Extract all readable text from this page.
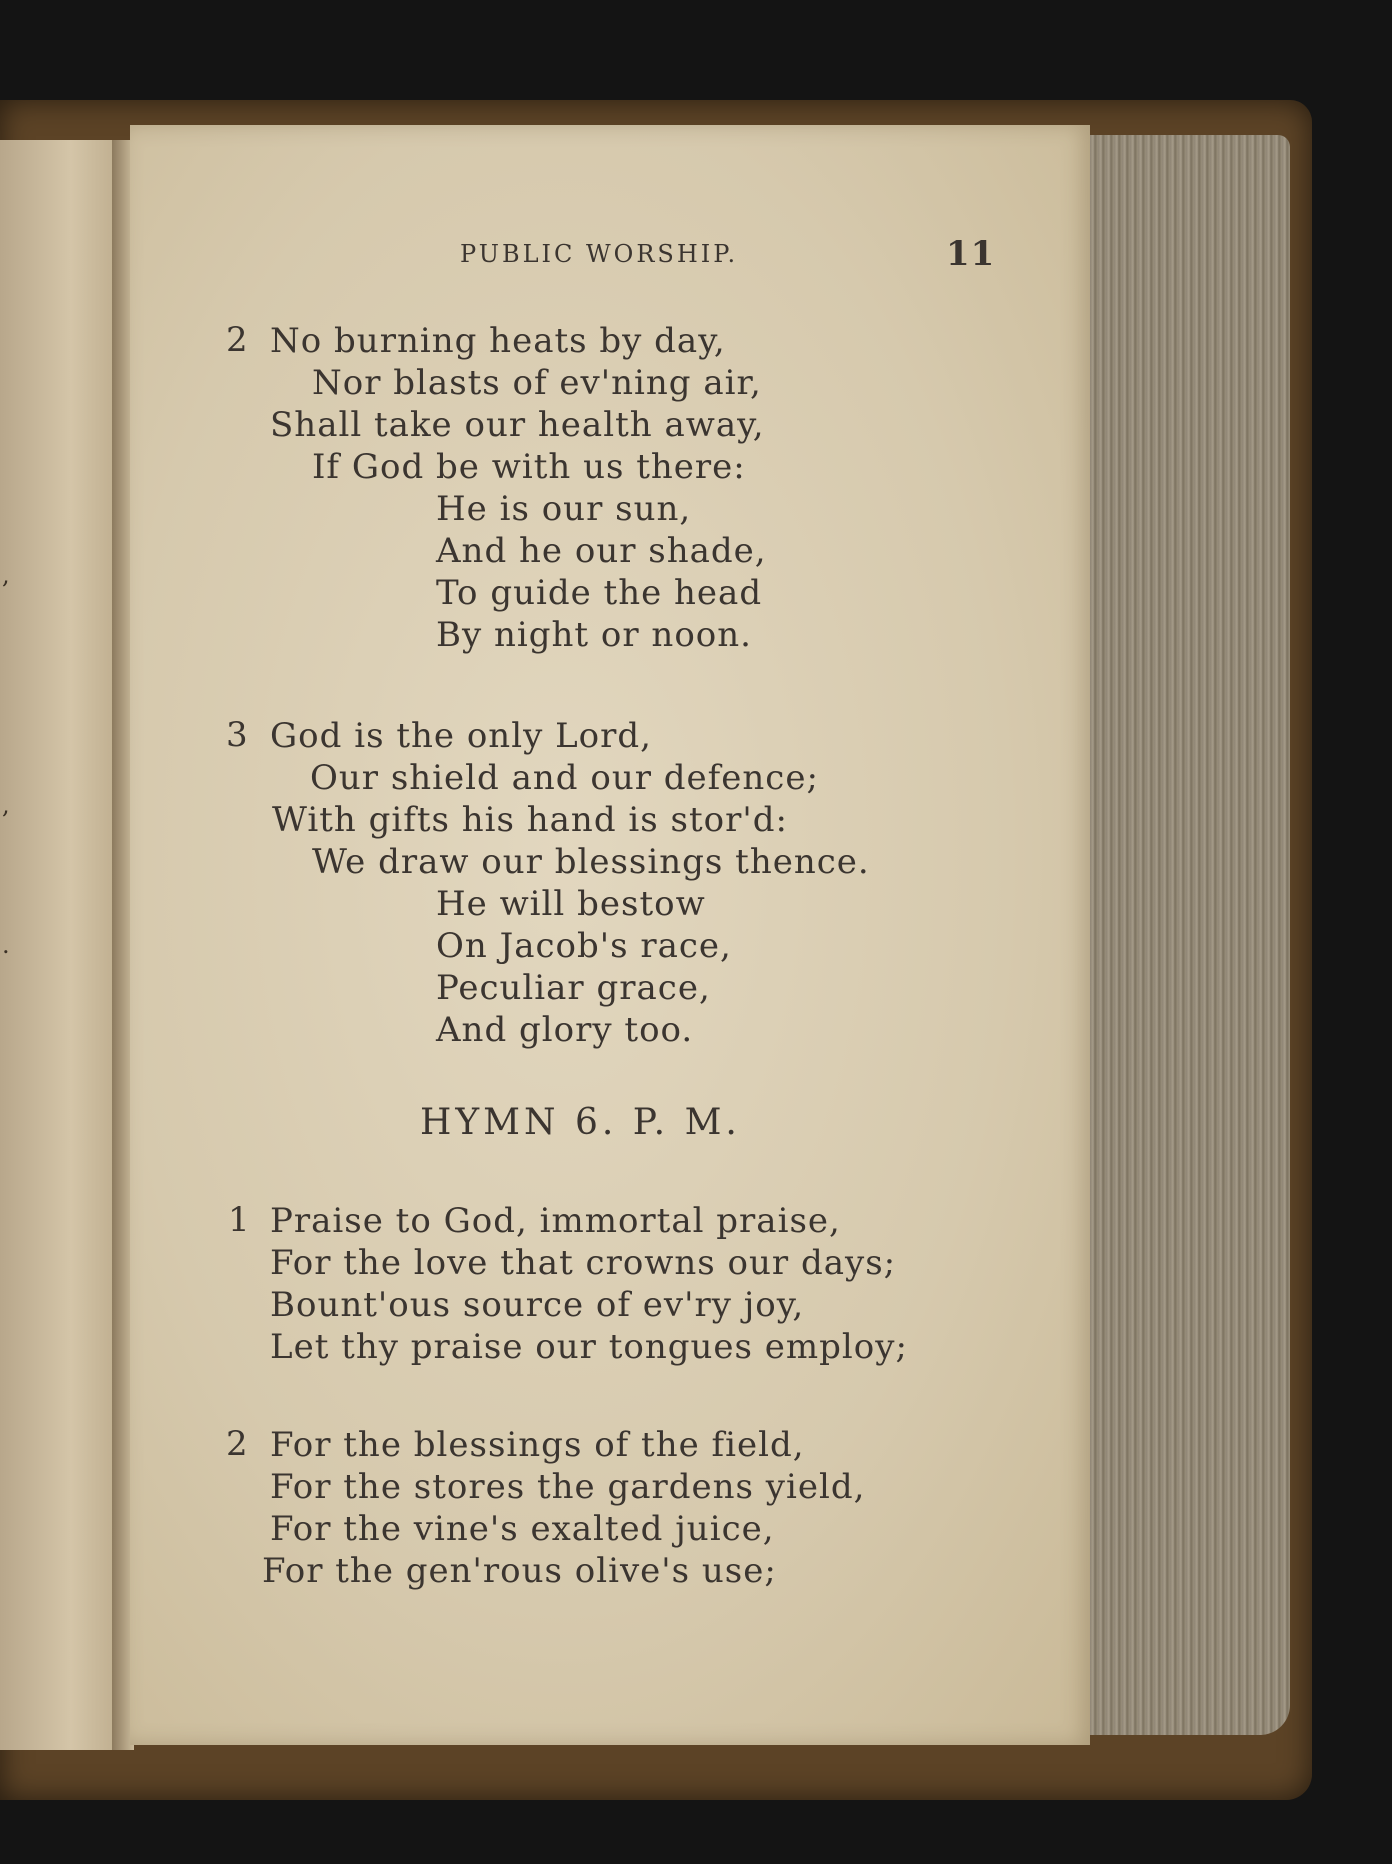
,
,
.
PUBLIC WORSHIP.	11
2 No burning heats by day,
Nor blasts of ev'ning air,
Shall take our health away,
If God be with us there:
He is our sun,
And he our shade,
To guide the head
By night or noon.
3 God is the only Lord,
Our shield and our defence;
With gifts his hand is stor'd:
We draw our blessings thence.
He will bestow
On Jacob's race,
Peculiar grace,
And glory too.
HYMN 6. P. M.
1 Praise to God, immortal praise,
For the love that crowns our days;
Bount'ous source of ev'ry joy,
Let thy praise our tongues employ;
2 For the blessings of the field,
For the stores the gardens yield,
For the vine's exalted juice,
For the gen'rous olive's use;
